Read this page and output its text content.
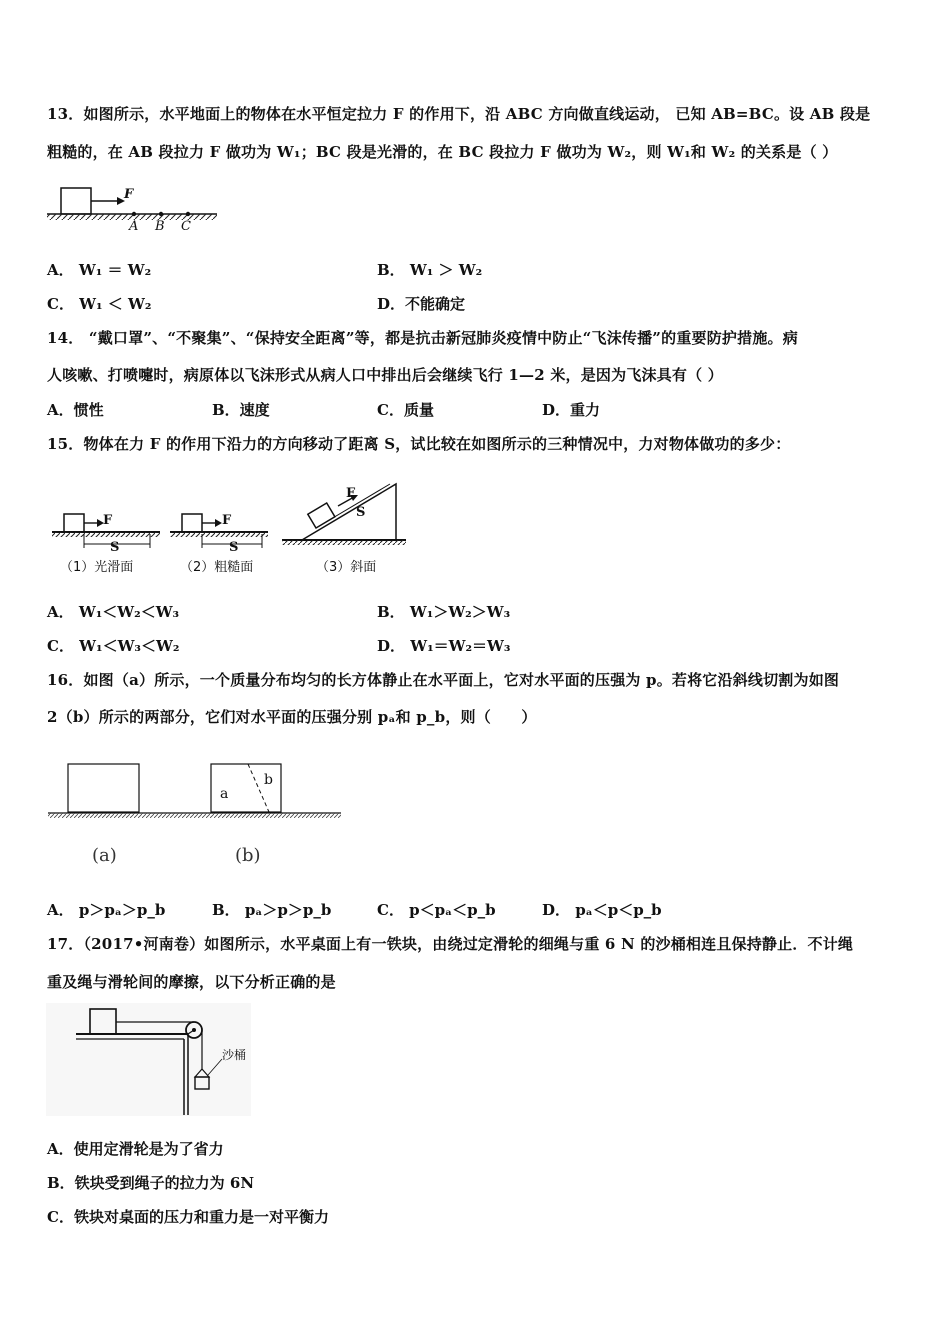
13．如图所示，水平地面上的物体在水平恒定拉力 F 的作用下，沿 ABC 方向做直线运动， 已知 AB=BC。设 AB 段是
粗糙的，在 AB 段拉力 F 做功为 W₁；BC 段是光滑的，在 BC 段拉力 F 做功为 W₂，则 W₁和 W₂ 的关系是（ ）
F
A B C
A． W₁ ＝ W₂	B． W₁ ＞ W₂
C． W₁ ＜ W₂	D．不能确定
14． “戴口罩”、“不聚集”、“保持安全距离”等，都是抗击新冠肺炎疫情中防止“飞沫传播”的重要防护措施。病
人咳嗽、打喷嚏时，病原体以飞沫形式从病人口中排出后会继续飞行 1—2 米，是因为飞沫具有（ ）
A．惯性	B．速度	C．质量	D．重力
15．物体在力 F 的作用下沿力的方向移动了距离 S，试比较在如图所示的三种情况中，力对物体做功的多少：
F
S
（1）光滑面
F
S
（2）粗糙面
F
S
（3）斜面
A． W₁＜W₂＜W₃	B． W₁＞W₂＞W₃
C． W₁＜W₃＜W₂	D． W₁＝W₂＝W₃
16．如图（a）所示，一个质量分布均匀的长方体静止在水平面上，它对水平面的压强为 p。若将它沿斜线切割为如图
2（b）所示的两部分，它们对水平面的压强分别 pₐ和 p_b，则（　　）
a
b
(a)	(b)
A． p＞pₐ＞p_b	B． pₐ＞p＞p_b	C． p＜pₐ＜p_b	D． pₐ＜p＜p_b
17．（2017•河南卷）如图所示，水平桌面上有一铁块，由绕过定滑轮的细绳与重 6 N 的沙桶相连且保持静止．不计绳
重及绳与滑轮间的摩擦，以下分析正确的是
沙桶
A．使用定滑轮是为了省力
B．铁块受到绳子的拉力为 6N
C．铁块对桌面的压力和重力是一对平衡力
